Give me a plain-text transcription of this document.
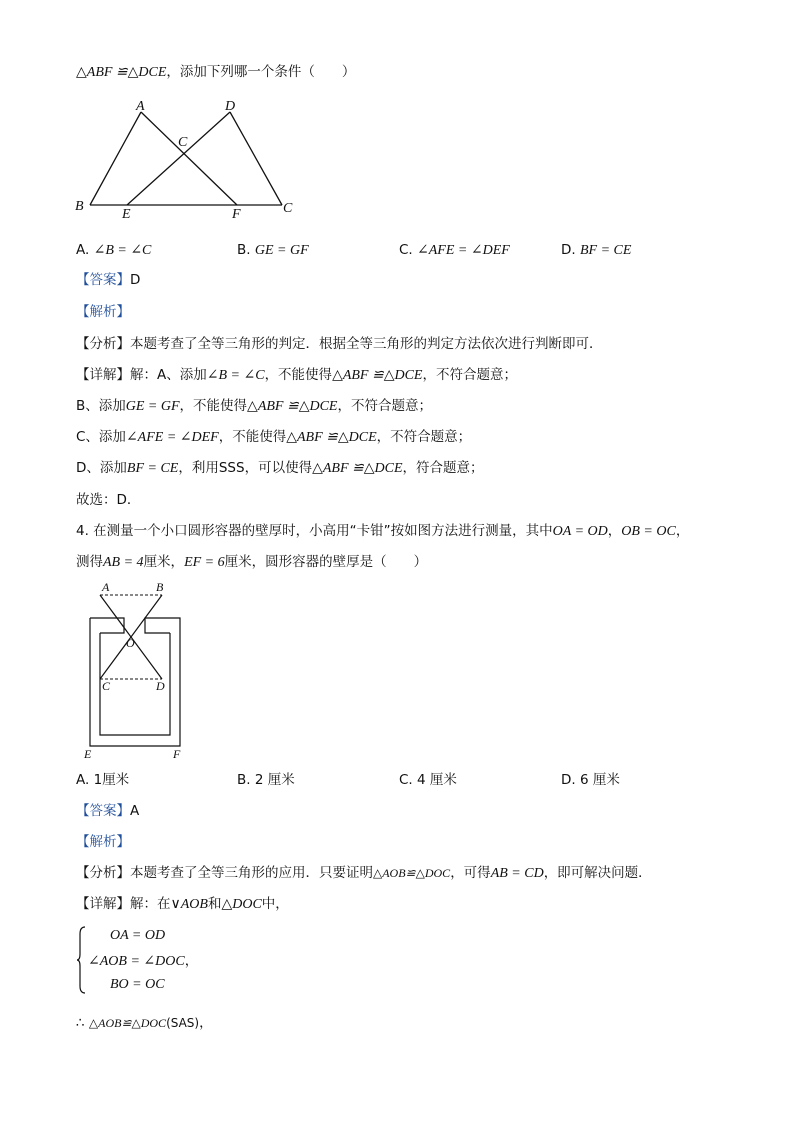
△ABF ≌△DCE，添加下列哪一个条件（　　）
A	D
C
B
E	F	C
A. ∠B = ∠C	B. GE = GF	C. ∠AFE = ∠DEF	D. BF = CE
【答案】D
【解析】
【分析】本题考查了全等三角形的判定．根据全等三角形的判定方法依次进行判断即可．
【详解】解：A、添加∠B = ∠C，不能使得△ABF ≌△DCE，不符合题意；
B、添加GE = GF，不能使得△ABF ≌△DCE，不符合题意；
C、添加∠AFE = ∠DEF，不能使得△ABF ≌△DCE，不符合题意；
D、添加BF = CE，利用SSS，可以使得△ABF ≌△DCE，符合题意；
故选：D．
4. 在测量一个小口圆形容器的壁厚时，小高用“卡钳”按如图方法进行测量，其中OA = OD，OB = OC，
测得AB = 4厘米，EF = 6厘米，圆形容器的壁厚是（　　）
A	B
O
C	D
E	F
A. 1厘米	B. 2 厘米	C. 4 厘米	D. 6 厘米
【答案】A
【解析】
【分析】本题考查了全等三角形的应用．只要证明△AOB≌△DOC，可得AB = CD，即可解决问题．
【详解】解：在∨AOB和△DOC中，
OA = OD
∠AOB = ∠DOC，
BO = OC
∴ △AOB≌△DOC(SAS)，
